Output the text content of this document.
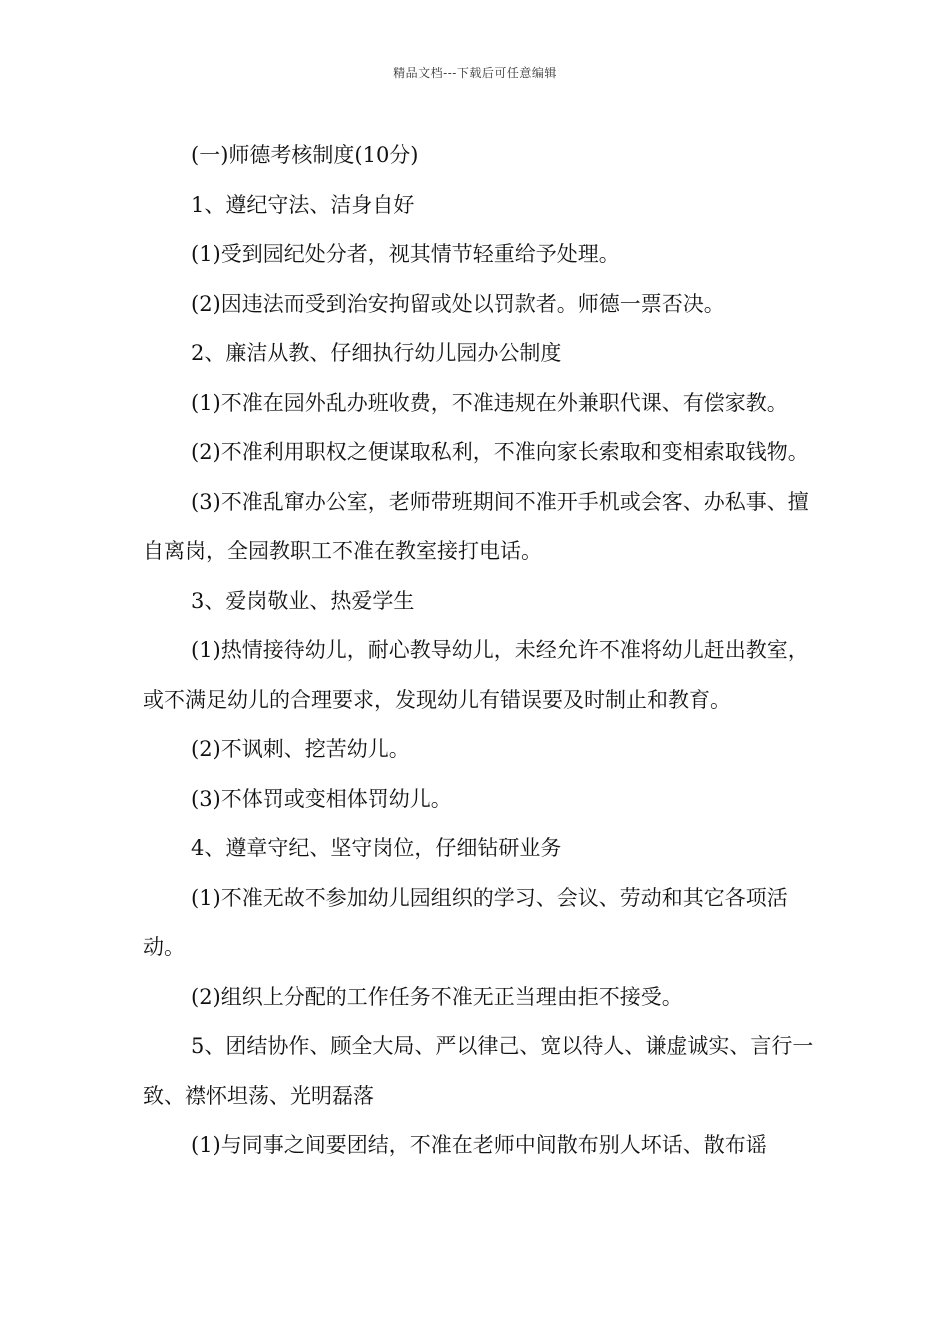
精品文档---下载后可任意编辑

(一)师德考核制度(10分)

1、遵纪守法、洁身自好

(1)受到园纪处分者，视其情节轻重给予处理。

(2)因违法而受到治安拘留或处以罚款者。师德一票否决。

2、廉洁从教、仔细执行幼儿园办公制度

(1)不准在园外乱办班收费，不准违规在外兼职代课、有偿家教。

(2)不准利用职权之便谋取私利，不准向家长索取和变相索取钱物。

(3)不准乱窜办公室，老师带班期间不准开手机或会客、办私事、擅自离岗，全园教职工不准在教室接打电话。

3、爱岗敬业、热爱学生

(1)热情接待幼儿，耐心教导幼儿，未经允许不准将幼儿赶出教室，或不满足幼儿的合理要求，发现幼儿有错误要及时制止和教育。

(2)不讽刺、挖苦幼儿。

(3)不体罚或变相体罚幼儿。

4、遵章守纪、坚守岗位，仔细钻研业务

(1)不准无故不参加幼儿园组织的学习、会议、劳动和其它各项活动。

(2)组织上分配的工作任务不准无正当理由拒不接受。

5、团结协作、顾全大局、严以律己、宽以待人、谦虚诚实、言行一致、襟怀坦荡、光明磊落

(1)与同事之间要团结，不准在老师中间散布别人坏话、散布谣
